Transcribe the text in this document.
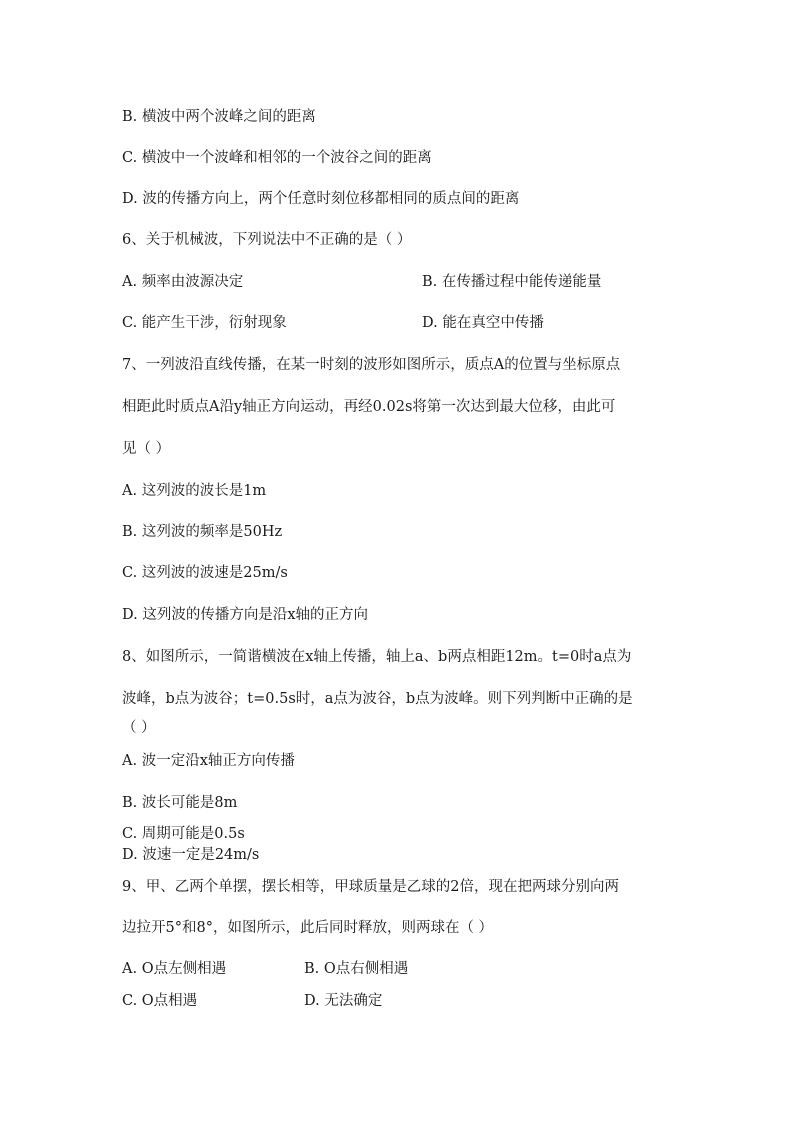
B. 横波中两个波峰之间的距离
C. 横波中一个波峰和相邻的一个波谷之间的距离
D. 波的传播方向上，两个任意时刻位移都相同的质点间的距离
6、关于机械波，下列说法中不正确的是（ ）
A. 频率由波源决定	B. 在传播过程中能传递能量
C. 能产生干涉，衍射现象	D. 能在真空中传播
7、一列波沿直线传播，在某一时刻的波形如图所示，质点A的位置与坐标原点
相距此时质点A沿y轴正方向运动，再经0.02s将第一次达到最大位移，由此可
见（ ）
A. 这列波的波长是1m
B. 这列波的频率是50Hz
C. 这列波的波速是25m/s
D. 这列波的传播方向是沿x轴的正方向
8、如图所示，一简谐横波在x轴上传播，轴上a、b两点相距12m。t=0时a点为
波峰，b点为波谷；t=0.5s时，a点为波谷，b点为波峰。则下列判断中正确的是
（ ）
A. 波一定沿x轴正方向传播
B. 波长可能是8m
C. 周期可能是0.5s
D. 波速一定是24m/s
9、甲、乙两个单摆，摆长相等，甲球质量是乙球的2倍，现在把两球分别向两
边拉开5°和8°，如图所示，此后同时释放，则两球在（ ）
A. O点左侧相遇	B. O点右侧相遇
C. O点相遇	D. 无法确定
